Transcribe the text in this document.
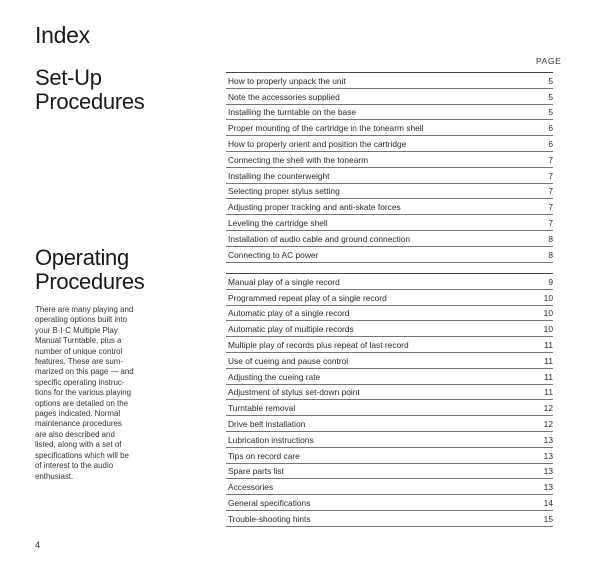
Index
Set-Up
Procedures
Operating
Procedures
There are many playing and
operating options built into
your B·I·C Multiple Play
Manual Turntable, plus a
number of unique control
features. These are sum-
marized on this page — and
specific operating instruc-
tions for the various playing
options are detailed on the
pages indicated. Normal
maintenance procedures
are also described and
listed, along with a set of
specifications which will be
of interest to the audio
enthusiast.
PAGE
How to properly unpack the unit	5
Note the accessories supplied	5
Installing the turntable on the base	5
Proper mounting of the cartridge in the tonearm shell	6
How to properly orient and position the cartridge	6
Connecting the shell with the tonearm	7
Installing the counterweight	7
Selecting proper stylus setting	7
Adjusting proper tracking and anti-skate forces	7
Leveling the cartridge shell	7
Installation of audio cable and ground connection	8
Connecting to AC power	8
Manual play of a single record	9
Programmed repeat play of a single record	10
Automatic play of a single record	10
Automatic play of multiple records	10
Multiple play of records plus repeat of last record	11
Use of cueing and pause control	11
Adjusting the cueing rate	11
Adjustment of stylus set-down point	11
Turntable removal	12
Drive belt installation	12
Lubrication instructions	13
Tips on record care	13
Spare parts list	13
Accessories	13
General specifications	14
Trouble-shooting hints	15
4
